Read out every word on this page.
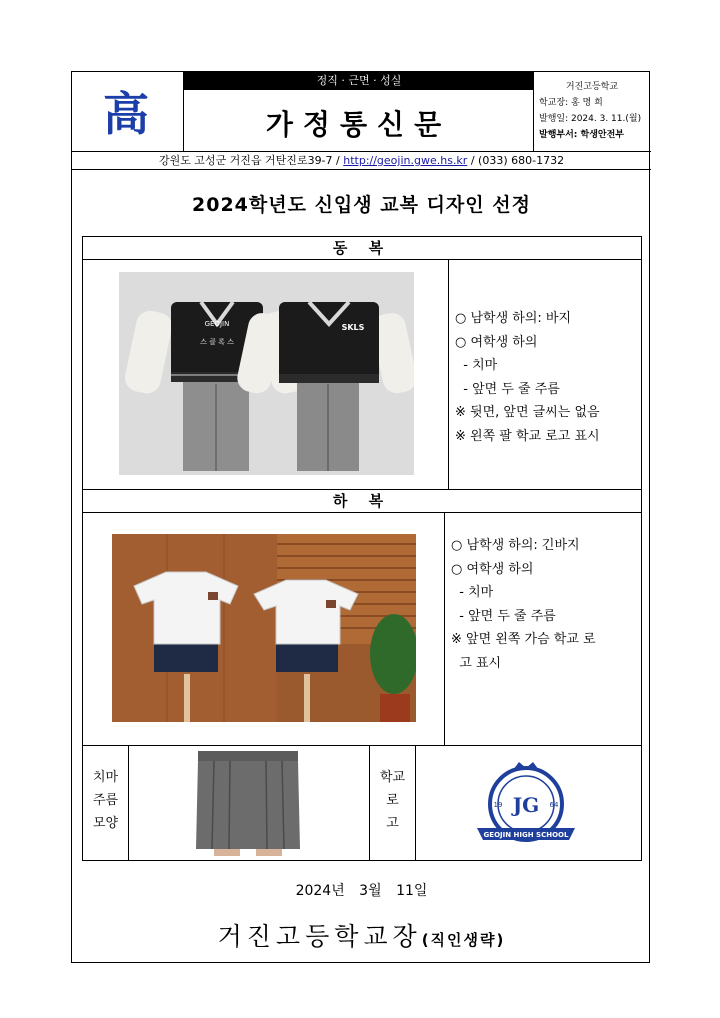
高
정직 · 근면 · 성실
가정통신문
거진고등학교
학교장: 홍 명 희
발행일: 2024. 3. 11.(월)
발행부서: 학생안전부
강원도 고성군 거진읍 거탄진로39-7 / http://geojin.gwe.hs.kr / (033) 680-1732
2024학년도 신입생 교복 디자인 선정
동 복
GEOJIN
스 클 록 스
SKLS
○ 남학생 하의: 바지
○ 여학생 하의
- 치마
- 앞면 두 줄 주름
※ 뒷면, 앞면 글씨는 없음
※ 왼쪽 팔 학교 로고 표시
하 복
○ 남학생 하의: 긴바지
○ 여학생 하의
- 치마
- 앞면 두 줄 주름
※ 앞면 왼쪽 가슴 학교 로
고 표시
치마
주름
모양
학교
로
고
JG
19	64
GEOJIN HIGH SCHOOL
2024년 3월 11일
거진고등학교장(직인생략)
